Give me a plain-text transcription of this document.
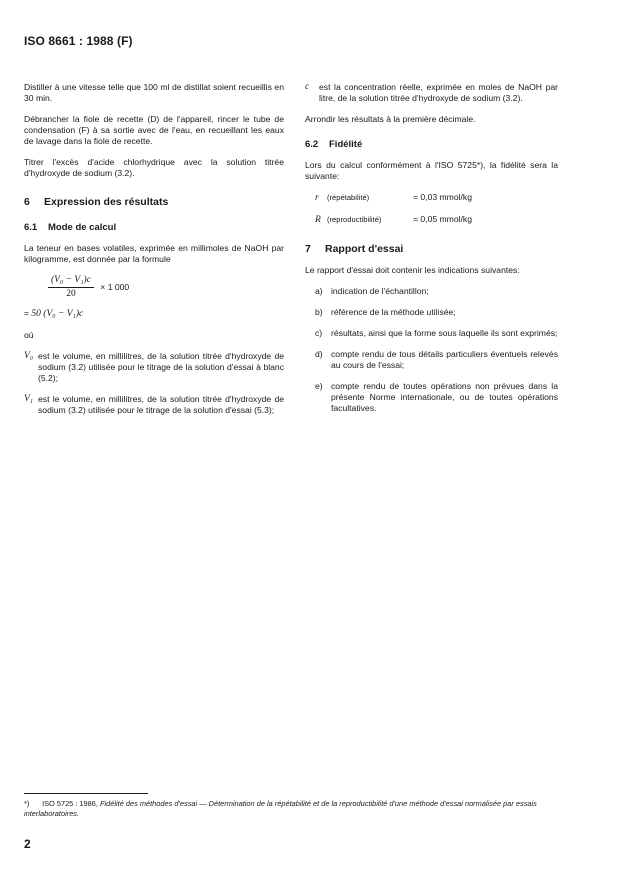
ISO 8661 : 1988 (F)

Distiller à une vitesse telle que 100 ml de distillat soient recueillis en 30 min.

Débrancher la fiole de recette (D) de l'appareil, rincer le tube de condensation (F) à sa sortie avec de l'eau, en recueillant les eaux de lavage dans la fiole de recette.

Titrer l'excès d'acide chlorhydrique avec la solution titrée d'hydroxyde de sodium (3.2).

6 Expression des résultats
6.1 Mode de calcul

La teneur en bases volatiles, exprimée en millimoles de NaOH par kilogramme, est donnée par la formule

$\frac{\text{(V₀ − V₁)c}}{20} \times 1$ 000
= 50 (V₀ − V₁)c

où

V₀ est le volume, en millilitres, de la solution titrée d'hydroxyde de sodium (3.2) utilisée pour le titrage de la solution d'essai à blanc (5.2);
V₁ est le volume, en millilitres, de la solution titrée d'hydroxyde de sodium (3.2) utilisée pour le titrage de la solution d'essai (5.3);
c	est la concentration réelle, exprimée en moles de NaOH par litre, de la solution titrée d'hydroxyde de sodium (3.2).

Arrondir les résultats à la première décimale.

6.2 Fidélité

Lors du calcul conformément à l'ISO 5725*), la fidélité sera la suivante:

r	(répétabilité)	= 0,03 mmol/kg
R (reproductibilité)	= 0,05 mmol/kg
7 Rapport d'essai

Le rapport d'essai doit contenir les indications suivantes:

a) indication de l'échantillon;
b) référence de la méthode utilisée;
c)	résultats, ainsi que la forme sous laquelle ils sont exprimés;
d) compte rendu de tous détails particuliers éventuels relevés au cours de l'essai;
e) compte rendu de toutes opérations non prévues dans la présente Norme internationale, ou de toutes opérations facultatives.
*) ISO 5725 : 1986, Fidélité des méthodes d'essai — Détermination de la répétabilité et de la reproductibilité d'une méthode d'essai normalisée par essais interlaboratoires.
2
